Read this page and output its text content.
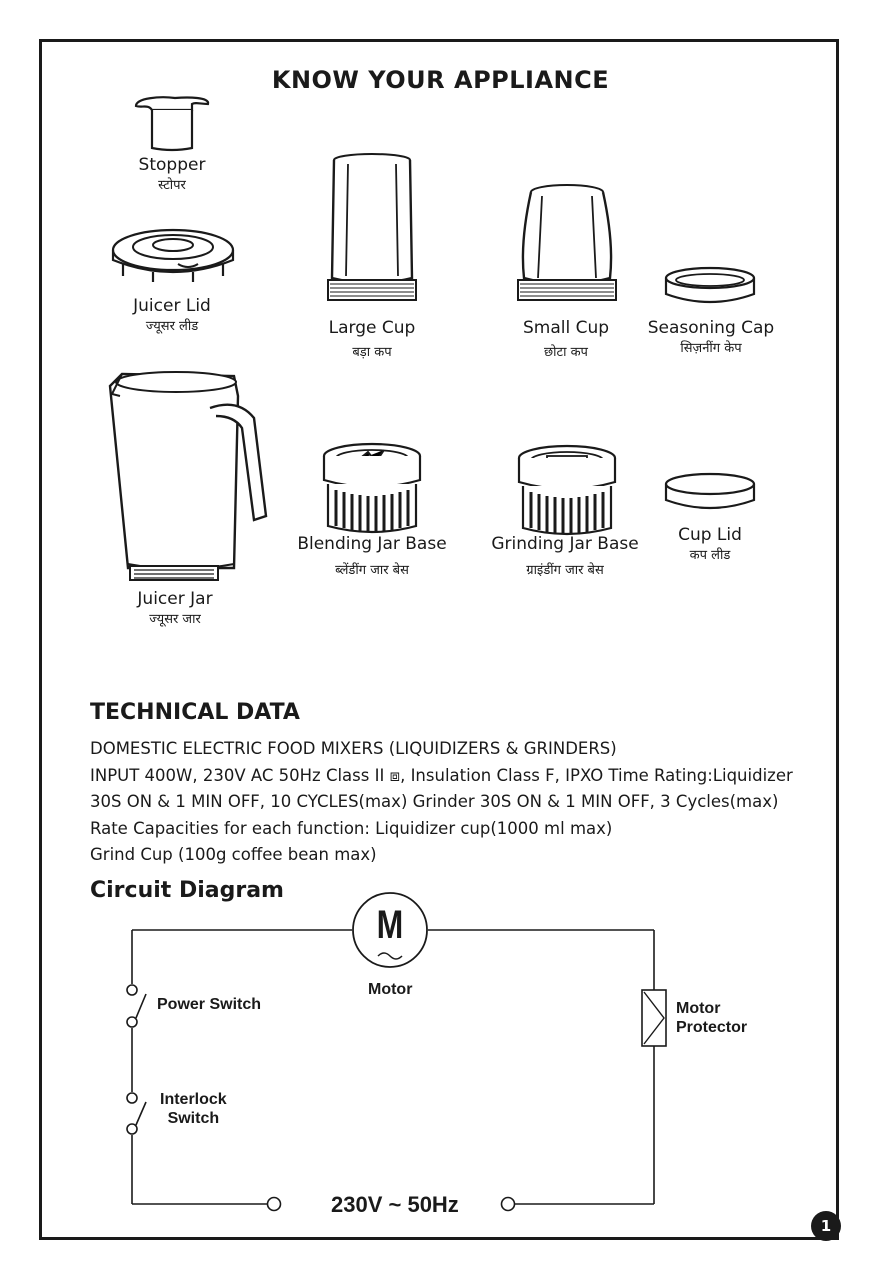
KNOW YOUR APPLIANCE
Stopper
स्टोपर
Juicer Lid
ज्यूसर लीड
Juicer Jar
ज्यूसर जार
Large Cup
बड़ा कप
Small Cup
छोटा कप
Seasoning Cap
सिज़नींग केप
Blending Jar Base
ब्लेंडींग जार बेस
Grinding Jar Base
ग्राइंडींग जार बेस
Cup Lid
कप लीड
TECHNICAL DATA
DOMESTIC ELECTRIC FOOD MIXERS (LIQUIDIZERS & GRINDERS)
INPUT 400W, 230V AC 50Hz Class II ⧈, Insulation Class F, IPXO Time Rating:Liquidizer
30S ON & 1 MIN OFF, 10 CYCLES(max) Grinder 30S ON & 1 MIN OFF, 3 Cycles(max)
Rate Capacities for each function: Liquidizer cup(1000 ml max)
Grind Cup (100g coffee bean max)
Circuit Diagram
M
Motor
Power Switch
Interlock
Switch
Motor
Protector
230V ~ 50Hz
1
